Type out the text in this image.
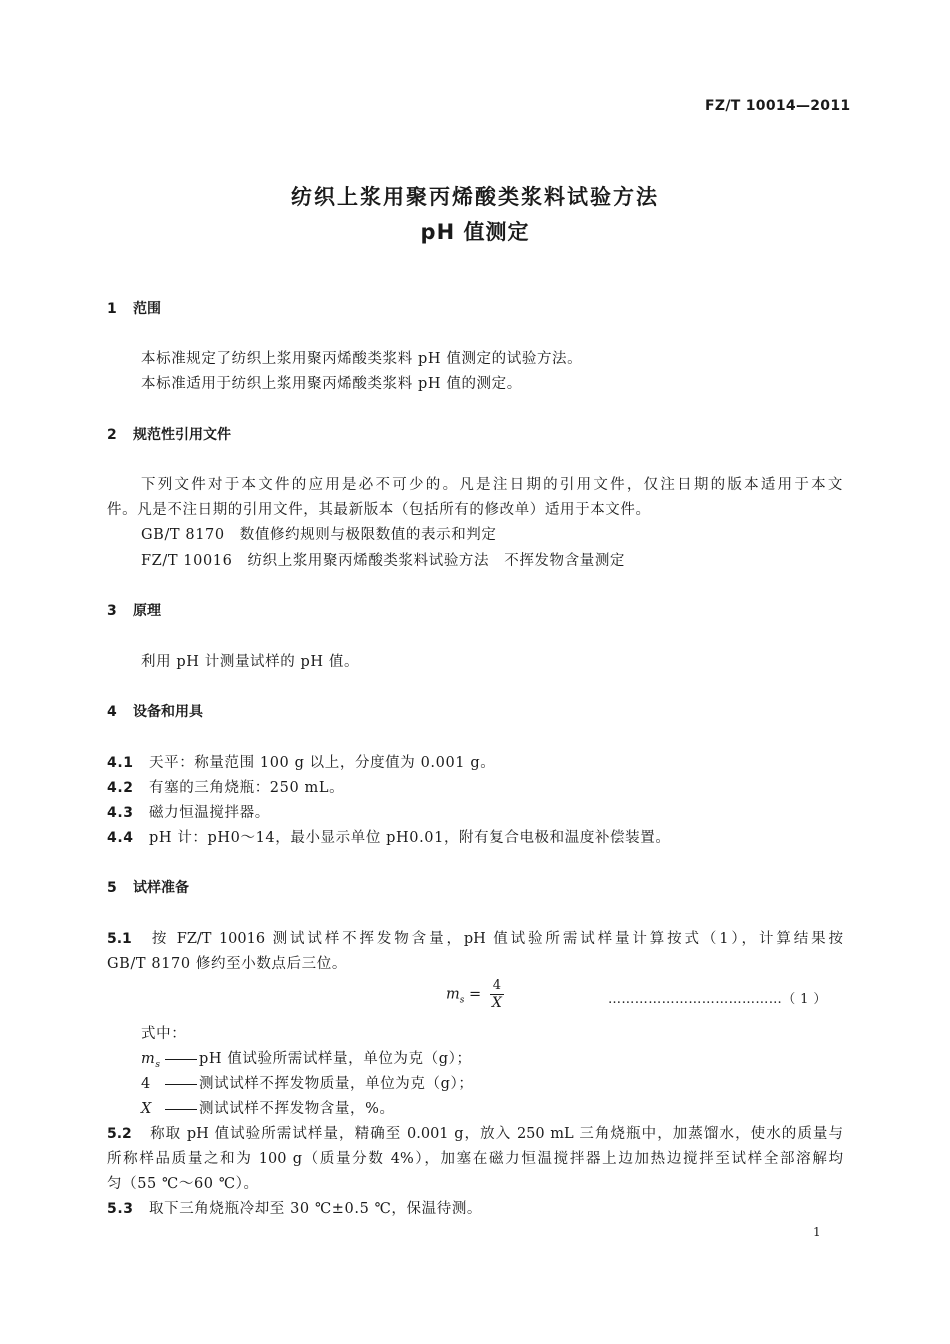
FZ/T 10014—2011
纺织上浆用聚丙烯酸类浆料试验方法
pH 值测定
1 范围
本标准规定了纺织上浆用聚丙烯酸类浆料 pH 值测定的试验方法。
本标准适用于纺织上浆用聚丙烯酸类浆料 pH 值的测定。
2 规范性引用文件
下列文件对于本文件的应用是必不可少的。凡是注日期的引用文件，仅注日期的版本适用于本文
件。凡是不注日期的引用文件，其最新版本（包括所有的修改单）适用于本文件。
GB/T 8170　数值修约规则与极限数值的表示和判定
FZ/T 10016　纺织上浆用聚丙烯酸类浆料试验方法　不挥发物含量测定
3 原理
利用 pH 计测量试样的 pH 值。
4 设备和用具
4.1 天平：称量范围 100 g 以上，分度值为 0.001 g。
4.2 有塞的三角烧瓶：250 mL。
4.3 磁力恒温搅拌器。
4.4 pH 计：pH0～14，最小显示单位 pH0.01，附有复合电极和温度补偿装置。
5 试样准备
5.1 按 FZ/T 10016 测试试样不挥发物含量，pH 值试验所需试样量计算按式（1），计算结果按
GB/T 8170 修约至小数点后三位。
$m_s = \frac{4}{X}$	…………………………………（ 1 ）
式中：
$m_s$	pH 值试验所需试样量，单位为克（g）；
4	测试试样不挥发物质量，单位为克（g）；
X	测试试样不挥发物含量，%。
5.2 称取 pH 值试验所需试样量，精确至 0.001 g，放入 250 mL 三角烧瓶中，加蒸馏水，使水的质量与
所称样品质量之和为 100 g（质量分数 4%），加塞在磁力恒温搅拌器上边加热边搅拌至试样全部溶解均
匀（55 ℃～60 ℃）。
5.3 取下三角烧瓶冷却至 30 ℃±0.5 ℃，保温待测。
1
